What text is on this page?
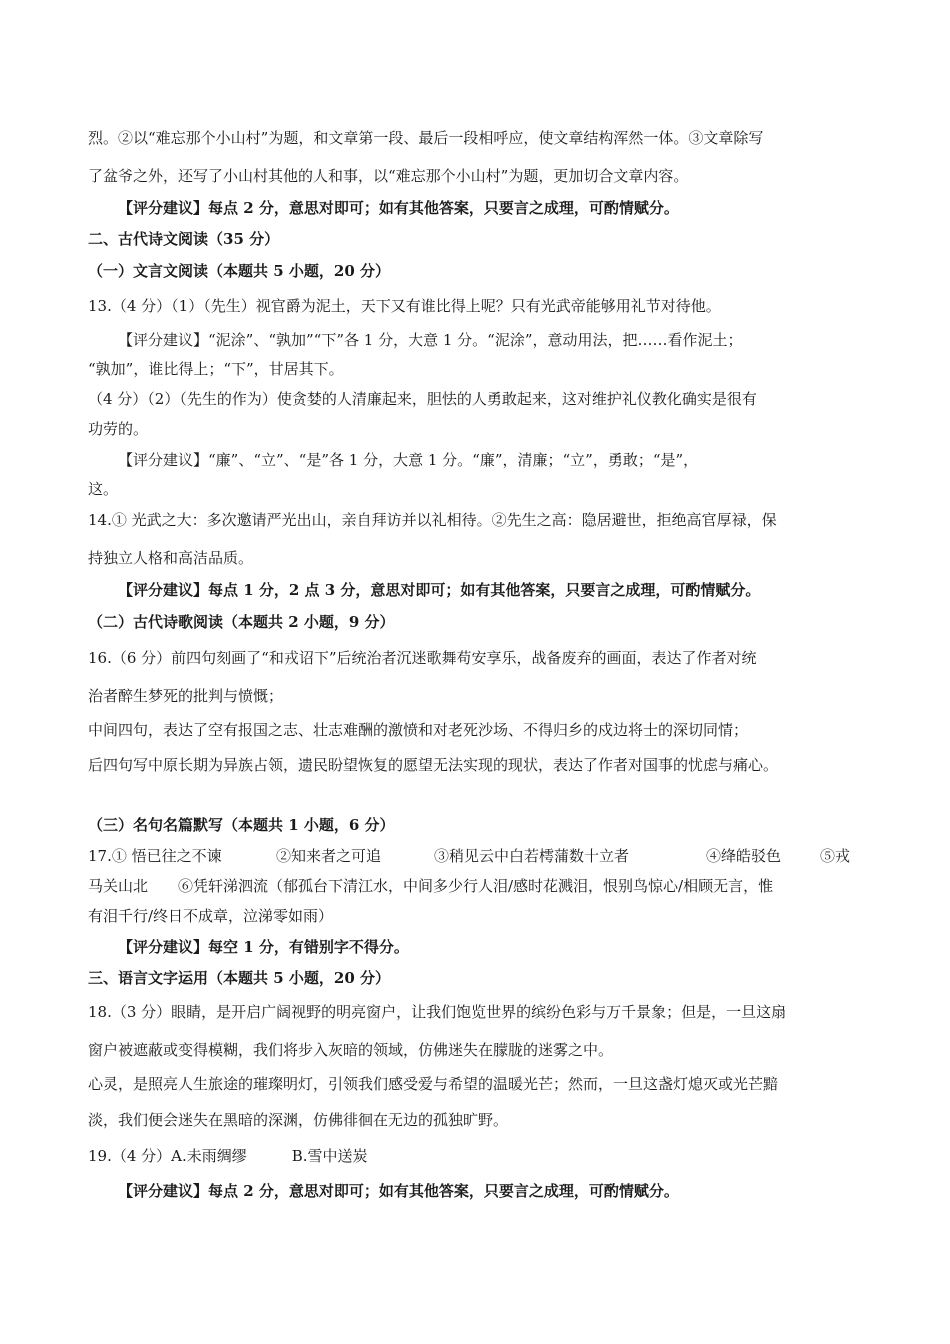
烈。②以“难忘那个小山村”为题，和文章第一段、最后一段相呼应，使文章结构浑然一体。③文章除写
了盆爷之外，还写了小山村其他的人和事，以“难忘那个小山村”为题，更加切合文章内容。
【评分建议】每点 2 分，意思对即可；如有其他答案，只要言之成理，可酌情赋分。
二、古代诗文阅读（35 分）
（一）文言文阅读（本题共 5 小题，20 分）
13.（4 分）（1）（先生）视官爵为泥土，天下又有谁比得上呢？只有光武帝能够用礼节对待他。
【评分建议】“泥涂”、“孰加”“下”各 1 分，大意 1 分。“泥涂”，意动用法，把……看作泥土；
“孰加”，谁比得上；“下”，甘居其下。
（4 分）（2）（先生的作为）使贪婪的人清廉起来，胆怯的人勇敢起来，这对维护礼仪教化确实是很有
功劳的。
【评分建议】“廉”、“立”、“是”各 1 分，大意 1 分。“廉”，清廉；“立”，勇敢；“是”，
这。
14.① 光武之大：多次邀请严光出山，亲自拜访并以礼相待。②先生之高：隐居避世，拒绝高官厚禄，保
持独立人格和高洁品质。
【评分建议】每点 1 分，2 点 3 分，意思对即可；如有其他答案，只要言之成理，可酌情赋分。
（二）古代诗歌阅读（本题共 2 小题，9 分）
16.（6 分）前四句刻画了“和戎诏下”后统治者沉迷歌舞苟安享乐，战备废弃的画面，表达了作者对统
治者醉生梦死的批判与愤慨；
中间四句，表达了空有报国之志、壮志难酬的激愤和对老死沙场、不得归乡的戍边将士的深切同情；
后四句写中原长期为异族占领，遗民盼望恢复的愿望无法实现的现状，表达了作者对国事的忧虑与痛心。
（三）名句名篇默写（本题共 1 小题，6 分）
17.① 悟已往之不谏	②知来者之可追	③稍见云中白若樗蒲数十立者	④绛皓驳色	⑤戎
马关山北　　⑥凭轩涕泗流（郁孤台下清江水，中间多少行人泪/感时花溅泪，恨别鸟惊心/相顾无言，惟
有泪千行/终日不成章，泣涕零如雨）
【评分建议】每空 1 分，有错别字不得分。
三、语言文字运用（本题共 5 小题，20 分）
18.（3 分）眼睛，是开启广阔视野的明亮窗户，让我们饱览世界的缤纷色彩与万千景象；但是，一旦这扇
窗户被遮蔽或变得模糊，我们将步入灰暗的领域，仿佛迷失在朦胧的迷雾之中。
心灵，是照亮人生旅途的璀璨明灯，引领我们感受爱与希望的温暖光芒；然而，一旦这盏灯熄灭或光芒黯
淡，我们便会迷失在黑暗的深渊，仿佛徘徊在无边的孤独旷野。
19.（4 分）A.未雨绸缪　　　B.雪中送炭
【评分建议】每点 2 分，意思对即可；如有其他答案，只要言之成理，可酌情赋分。
